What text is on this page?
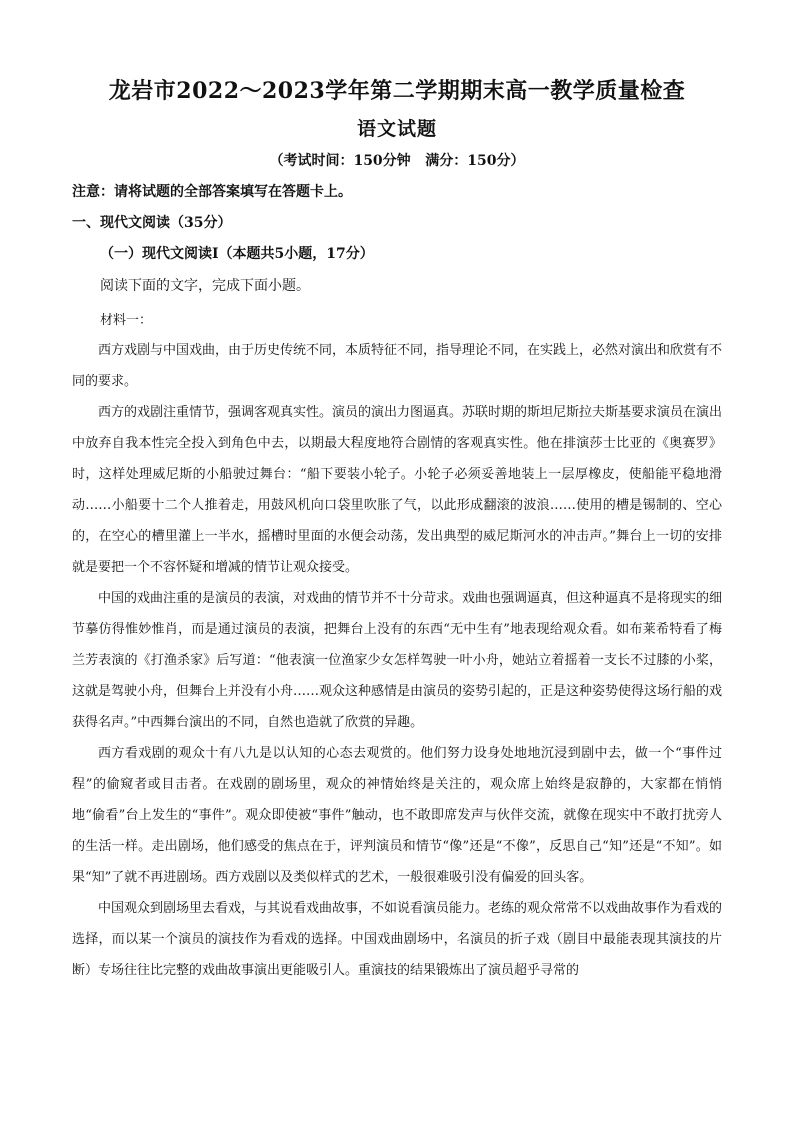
龙岩市2022～2023学年第二学期期末高一教学质量检查
语文试题
（考试时间：150分钟   满分：150分）
注意：请将试题的全部答案填写在答题卡上。
一、现代文阅读（35分）
（一）现代文阅读Ⅰ（本题共5小题，17分）
阅读下面的文字，完成下面小题。
材料一：

西方戏剧与中国戏曲，由于历史传统不同，本质特征不同，指导理论不同，在实践上，必然对演出和欣赏有不同的要求。

西方的戏剧注重情节，强调客观真实性。演员的演出力图逼真。苏联时期的斯坦尼斯拉夫斯基要求演员在演出中放弃自我本性完全投入到角色中去，以期最大程度地符合剧情的客观真实性。他在排演莎士比亚的《奥赛罗》时，这样处理威尼斯的小船驶过舞台：“船下要装小轮子。小轮子必须妥善地装上一层厚橡皮，使船能平稳地滑动……小船要十二个人推着走，用鼓风机向口袋里吹胀了气，以此形成翻滚的波浪……使用的槽是锡制的、空心的，在空心的槽里灌上一半水，摇槽时里面的水便会动荡，发出典型的威尼斯河水的冲击声。”舞台上一切的安排就是要把一个不容怀疑和增减的情节让观众接受。

中国的戏曲注重的是演员的表演，对戏曲的情节并不十分苛求。戏曲也强调逼真，但这种逼真不是将现实的细节摹仿得惟妙惟肖，而是通过演员的表演，把舞台上没有的东西“无中生有”地表现给观众看。如布莱希特看了梅兰芳表演的《打渔杀家》后写道：“他表演一位渔家少女怎样驾驶一叶小舟，她站立着摇着一支长不过膝的小桨，这就是驾驶小舟，但舞台上并没有小舟……观众这种感情是由演员的姿势引起的，正是这种姿势使得这场行船的戏获得名声。”中西舞台演出的不同，自然也造就了欣赏的异趣。

西方看戏剧的观众十有八九是以认知的心态去观赏的。他们努力设身处地地沉浸到剧中去，做一个“事件过程”的偷窥者或目击者。在戏剧的剧场里，观众的神情始终是关注的，观众席上始终是寂静的，大家都在悄悄地“偷看”台上发生的“事件”。观众即使被“事件”触动，也不敢即席发声与伙伴交流，就像在现实中不敢打扰旁人的生活一样。走出剧场，他们感受的焦点在于，评判演员和情节“像”还是“不像”，反思自己“知”还是“不知”。如果“知”了就不再进剧场。西方戏剧以及类似样式的艺术，一般很难吸引没有偏爱的回头客。

中国观众到剧场里去看戏，与其说看戏曲故事，不如说看演员能力。老练的观众常常不以戏曲故事作为看戏的选择，而以某一个演员的演技作为看戏的选择。中国戏曲剧场中，名演员的折子戏（剧目中最能表现其演技的片断）专场往往比完整的戏曲故事演出更能吸引人。重演技的结果锻炼出了演员超乎寻常的
